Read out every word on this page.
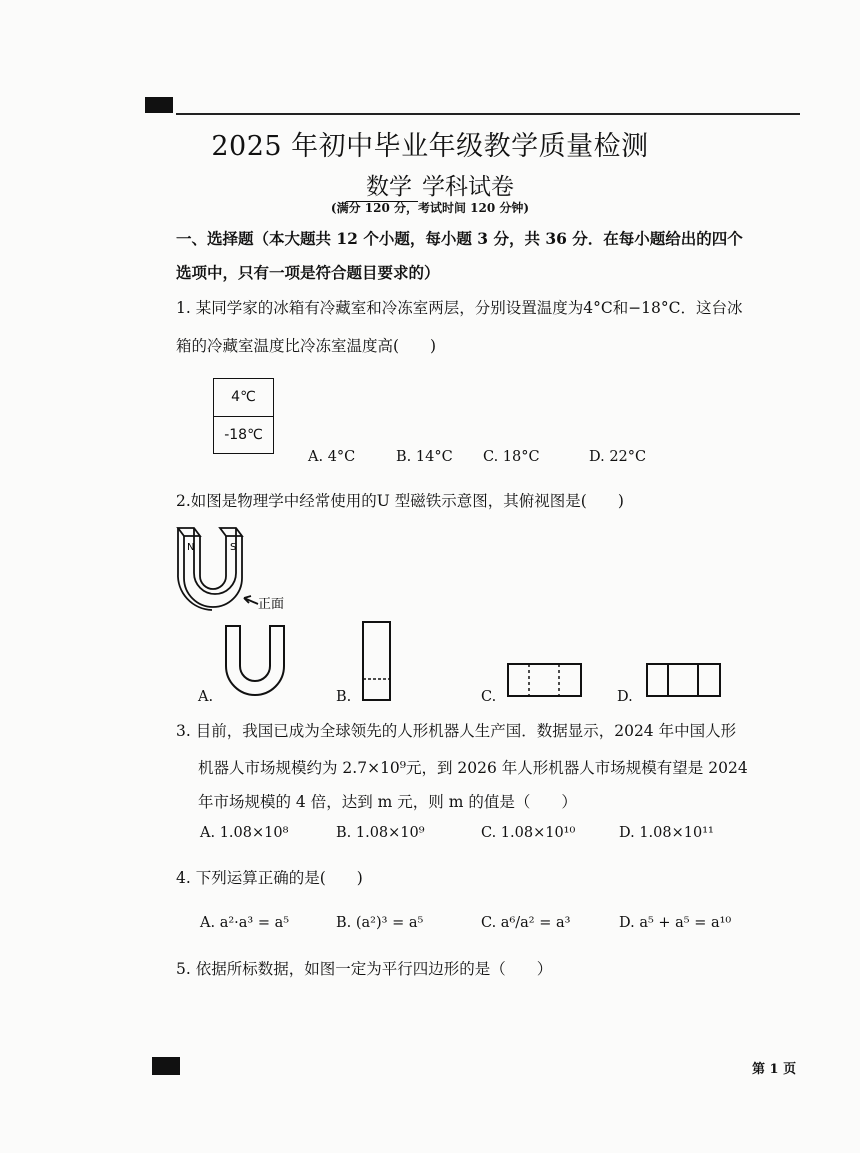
2025 年初中毕业年级教学质量检测
数学 学科试卷
(满分 120 分，考试时间 120 分钟)
一、选择题（本大题共 12 个小题，每小题 3 分，共 36 分．在每小题给出的四个
选项中，只有一项是符合题目要求的）
1. 某同学家的冰箱有冷藏室和冷冻室两层，分别设置温度为4°C和−18°C．这台冰
箱的冷藏室温度比冷冻室温度高(　　)
4℃
-18℃
A. 4°C	B. 14°C C. 18°C	D. 22°C
2.如图是物理学中经常使用的U 型磁铁示意图，其俯视图是(　　)
N	S
正面
A.	B.	C.	D.
3. 目前，我国已成为全球领先的人形机器人生产国．数据显示，2024 年中国人形
机器人市场规模约为 2.7×10⁹元，到 2026 年人形机器人市场规模有望是 2024
年市场规模的 4 倍，达到 m 元，则 m 的值是（　　）
A. 1.08×10⁸	B. 1.08×10⁹	C. 1.08×10¹⁰	D. 1.08×10¹¹
4. 下列运算正确的是(　　)
A. a²·a³ = a⁵	B. (a²)³ = a⁵	C. a⁶/a² = a³	D. a⁵ + a⁵ = a¹⁰
5. 依据所标数据，如图一定为平行四边形的是（　　）
第 1 页
